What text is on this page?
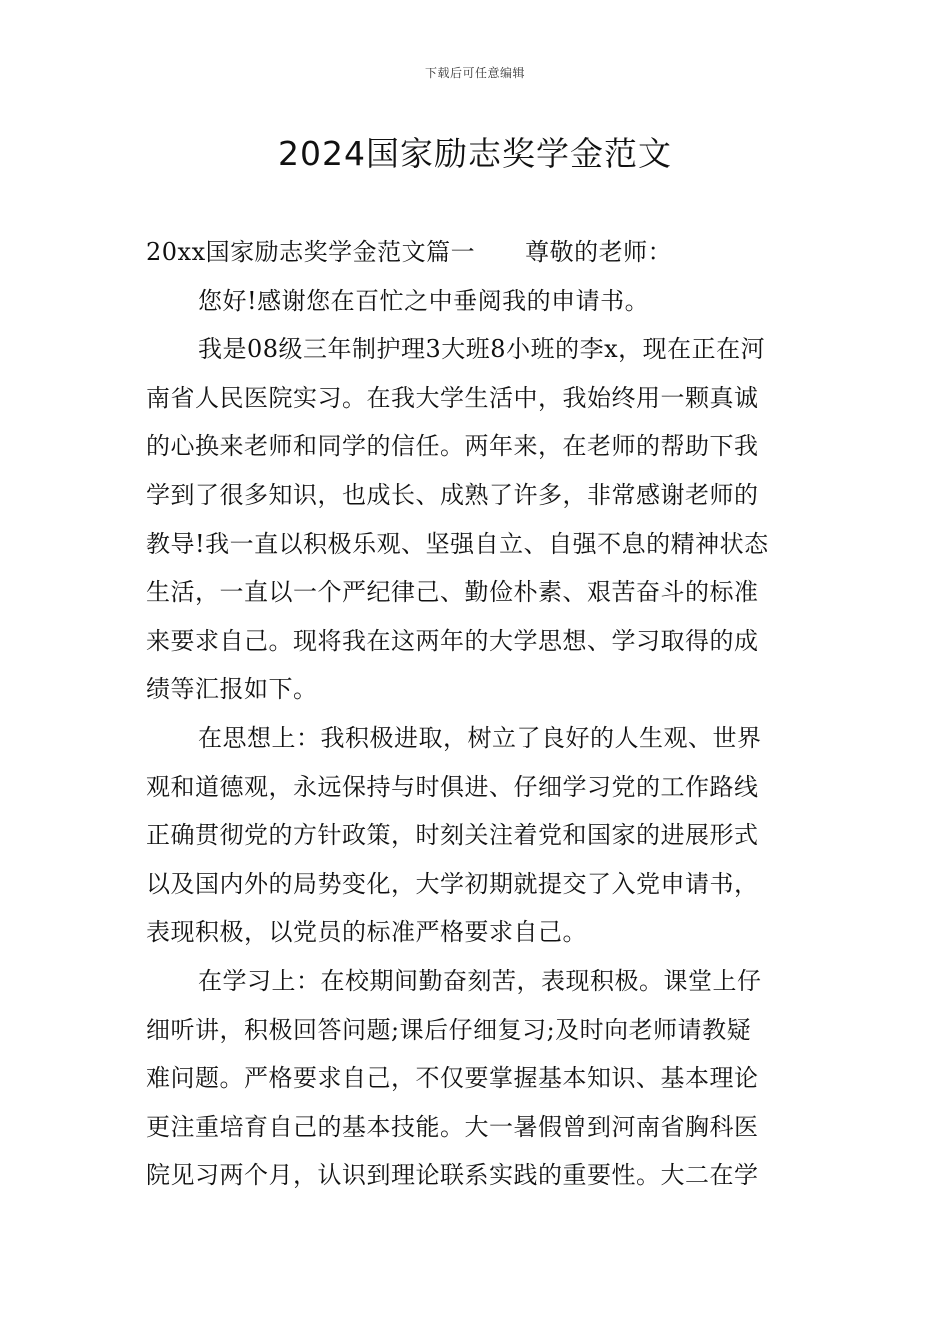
下载后可任意编辑
2024国家励志奖学金范文
20xx国家励志奖学金范文篇一 尊敬的老师：
您好!感谢您在百忙之中垂阅我的申请书。
我是08级三年制护理3大班8小班的李x，现在正在河
南省人民医院实习。在我大学生活中，我始终用一颗真诚
的心换来老师和同学的信任。两年来，在老师的帮助下我
学到了很多知识，也成长、成熟了许多，非常感谢老师的
教导!我一直以积极乐观、坚强自立、自强不息的精神状态
生活，一直以一个严纪律己、勤俭朴素、艰苦奋斗的标准
来要求自己。现将我在这两年的大学思想、学习取得的成
绩等汇报如下。
在思想上：我积极进取，树立了良好的人生观、世界
观和道德观，永远保持与时俱进、仔细学习党的工作路线
正确贯彻党的方针政策，时刻关注着党和国家的进展形式
以及国内外的局势变化，大学初期就提交了入党申请书，
表现积极，以党员的标准严格要求自己。
在学习上：在校期间勤奋刻苦，表现积极。课堂上仔
细听讲，积极回答问题;课后仔细复习;及时向老师请教疑
难问题。严格要求自己，不仅要掌握基本知识、基本理论
更注重培育自己的基本技能。大一暑假曾到河南省胸科医
院见习两个月，认识到理论联系实践的重要性。大二在学
